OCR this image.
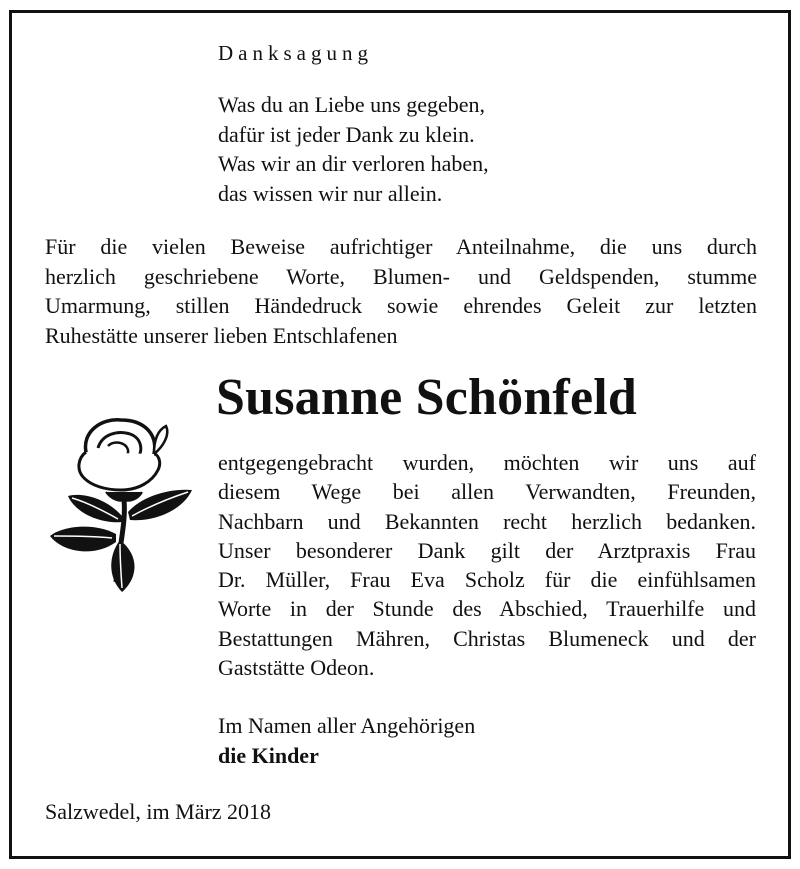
Danksagung
Was du an Liebe uns gegeben,
dafür ist jeder Dank zu klein.
Was wir an dir verloren haben,
das wissen wir nur allein.
Für die vielen Beweise aufrichtiger Anteilnahme, die uns durch
herzlich geschriebene Worte, Blumen- und Geldspenden, stumme
Umarmung, stillen Händedruck sowie ehrendes Geleit zur letzten
Ruhestätte unserer lieben Entschlafenen
Susanne Schönfeld
entgegengebracht wurden, möchten wir uns auf
diesem Wege bei allen Verwandten, Freunden,
Nachbarn und Bekannten recht herzlich bedanken.
Unser besonderer Dank gilt der Arztpraxis Frau
Dr. Müller, Frau Eva Scholz für die einfühlsamen
Worte in der Stunde des Abschied, Trauerhilfe und
Bestattungen Mähren, Christas Blumeneck und der
Gaststätte Odeon.
Im Namen aller Angehörigen
die Kinder
Salzwedel, im März 2018
